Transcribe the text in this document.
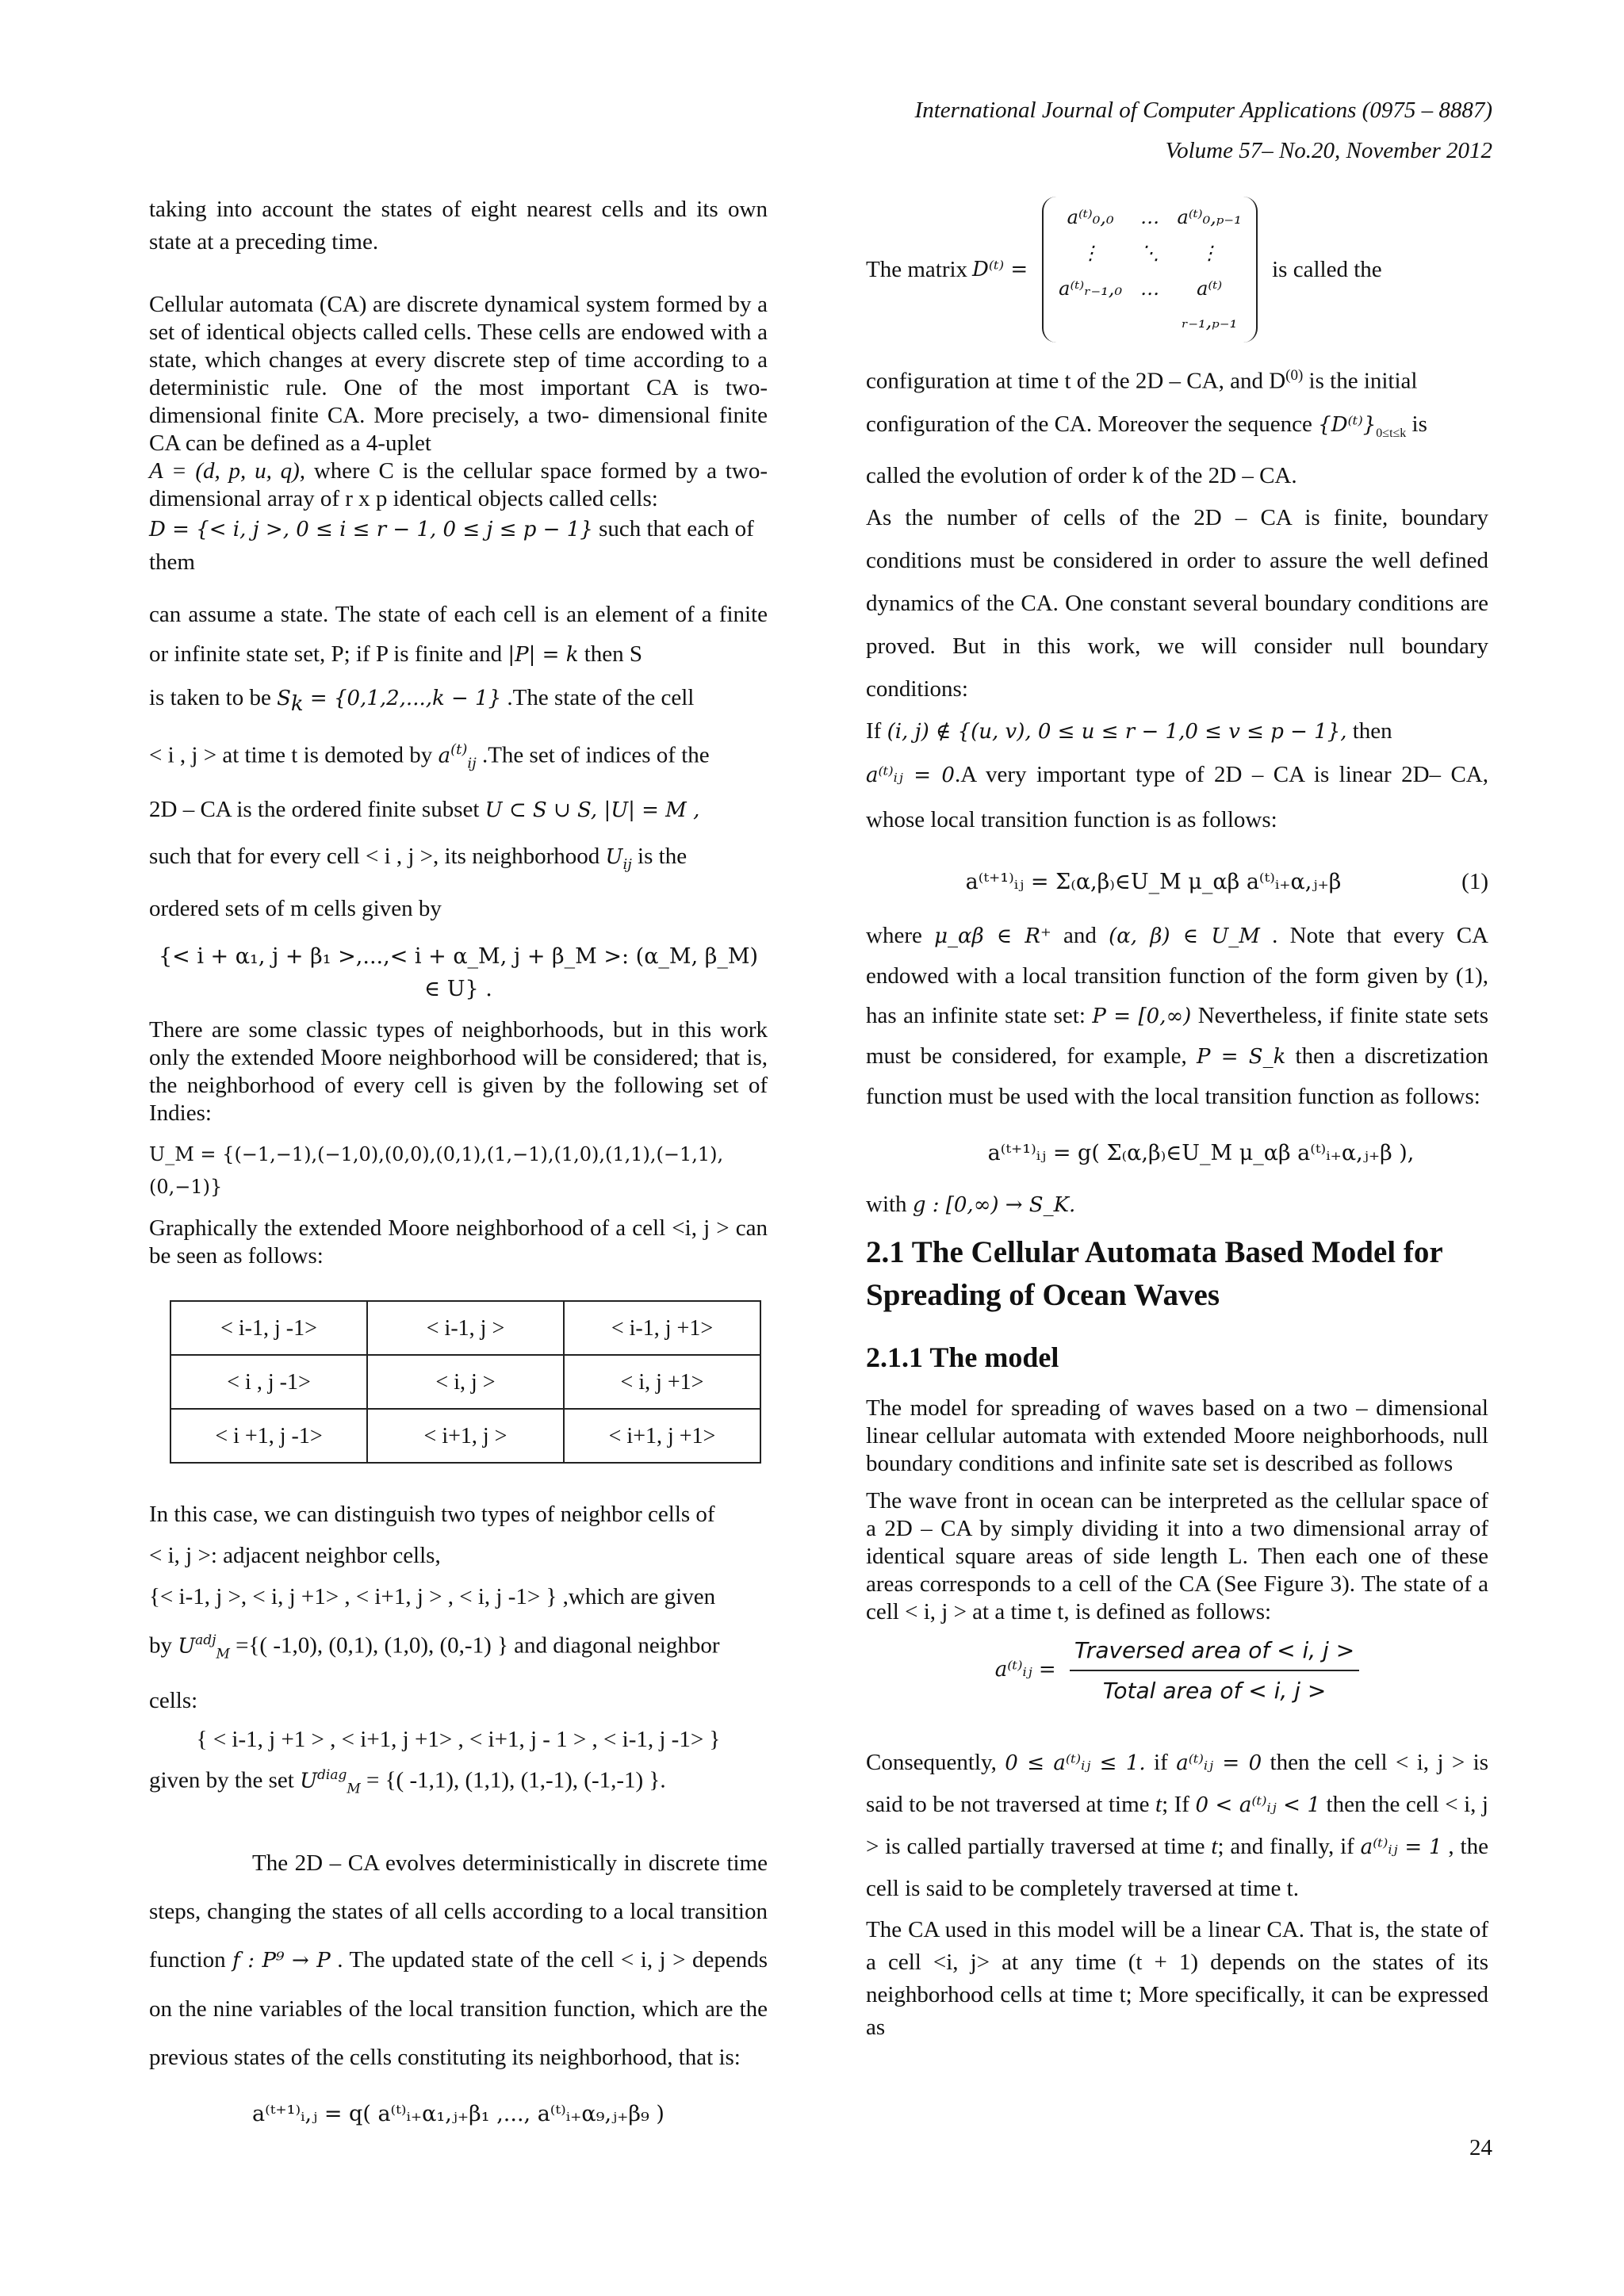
International Journal of Computer Applications (0975 – 8887)
Volume 57– No.20, November 2012
taking into account the states of eight nearest cells and its own state at a preceding time.
Cellular automata (CA) are discrete dynamical system formed by a set of identical objects called cells. These cells are endowed with a state, which changes at every discrete step of time according to a deterministic rule. One of the most important CA is two-dimensional finite CA. More precisely, a two- dimensional finite CA can be defined as a 4-uplet
A = (d, p, u, q), where C is the cellular space formed by a two- dimensional array of r x p identical objects called cells:
D = {< i, j >, 0 ≤ i ≤ r − 1, 0 ≤ j ≤ p − 1} such that each of them
can assume a state. The state of each cell is an element of a finite or infinite state set, P; if P is finite and |P| = k then S
is taken to be $S_k = \{0,1,2,...,k - 1\}$ .The state of the cell
< i , j > at time t is demoted by $a^{(t)}_{ij}$ .The set of indices of the
2D – CA is the ordered finite subset U ⊂ S ∪ S, |U| = M ,
such that for every cell < i , j >, its neighborhood $U_{ij}$ is the
ordered sets of m cells given by
{< i + α₁, j + β₁ >,...,< i + α_M, j + β_M >: (α_M, β_M) ∈ U} .
There are some classic types of neighborhoods, but in this work only the extended Moore neighborhood will be considered; that is, the neighborhood of every cell is given by the following set of Indies:
U_M = {(−1,−1),(−1,0),(0,0),(0,1),(1,−1),(1,0),(1,1),(−1,1),(0,−1)}
Graphically the extended Moore neighborhood of a cell <i, j > can be seen as follows:
< i-1, j -1>	< i-1, j >	< i-1, j +1>
< i , j -1>	< i, j >	< i, j +1>
< i +1, j -1>	< i+1, j >	< i+1, j +1>
In this case, we can distinguish two types of neighbor cells of
< i, j >: adjacent neighbor cells,
{< i-1, j >, < i, j +1> , < i+1, j > , < i, j -1> } ,which are given
by $U^{adj}_M$ ={( -1,0), (0,1), (1,0), (0,-1) } and diagonal neighbor
cells:
{ < i-1, j +1 > , < i+1, j +1> , < i+1, j - 1 > , < i-1, j -1> }
given by the set $U^{diag}_M$ = {( -1,1), (1,1), (1,-1), (-1,-1) }.
The 2D – CA evolves deterministically in discrete time steps, changing the states of all cells according to a local transition function f : P⁹ → P . The updated state of the cell < i, j > depends on the nine variables of the local transition function, which are the previous states of the cells constituting its neighborhood, that is:
a⁽ᵗ⁺¹⁾ᵢ,ⱼ = q( a⁽ᵗ⁾ᵢ₊α₁,ⱼ₊β₁ ,..., a⁽ᵗ⁾ᵢ₊α₉,ⱼ₊β₉ )
The matrix D⁽ᵗ⁾ =
a⁽ᵗ⁾₀,₀	… a⁽ᵗ⁾₀,ₚ₋₁
⋮	⋱	⋮
a⁽ᵗ⁾ᵣ₋₁,₀ …	a⁽ᵗ⁾ᵣ₋₁,ₚ₋₁
is called the
configuration at time t of the 2D – CA, and $D^{(0)}$ is the initial
configuration of the CA. Moreover the sequence $\{D^(ᵗ^)\}_{0\le t\le k}$ is
called the evolution of order k of the 2D – CA.
As the number of cells of the 2D – CA is finite, boundary conditions must be considered in order to assure the well defined dynamics of the CA. One constant several boundary conditions are proved. But in this work, we will consider null boundary conditions:
If (i, j) ∉ {(u, v), 0 ≤ u ≤ r − 1,0 ≤ v ≤ p − 1}, then
a⁽ᵗ⁾ᵢⱼ = 0.A very important type of 2D – CA is linear 2D– CA, whose local transition function is as follows:
a⁽ᵗ⁺¹⁾ᵢⱼ = Σ₍α,β₎∈U_M μ_αβ a⁽ᵗ⁾ᵢ₊α,ⱼ₊β	(1)
where μ_αβ ∈ R⁺ and (α, β) ∈ U_M . Note that every CA endowed with a local transition function of the form given by (1), has an infinite state set: P = [0,∞) Nevertheless, if finite state sets must be considered, for example, P = S_k then a discretization function must be used with the local transition function as follows:
a⁽ᵗ⁺¹⁾ᵢⱼ = g( Σ₍α,β₎∈U_M μ_αβ a⁽ᵗ⁾ᵢ₊α,ⱼ₊β ),
with g : [0,∞) → S_K.
2.1 The Cellular Automata Based Model for Spreading of Ocean Waves
2.1.1 The model
The model for spreading of waves based on a two – dimensional linear cellular automata with extended Moore neighborhoods, null boundary conditions and infinite sate set is described as follows
The wave front in ocean can be interpreted as the cellular space of a 2D – CA by simply dividing it into a two dimensional array of identical square areas of side length L. Then each one of these areas corresponds to a cell of the CA (See Figure 3). The state of a cell < i, j > at a time t, is defined as follows:
a⁽ᵗ⁾ᵢⱼ = $\frac{\text{Traversed area of < i, j >}}{\text{Total area of < i, j >}}$
Consequently, 0 ≤ a⁽ᵗ⁾ᵢⱼ ≤ 1. if a⁽ᵗ⁾ᵢⱼ = 0 then the cell < i, j > is said to be not traversed at time t; If 0 < a⁽ᵗ⁾ᵢⱼ < 1 then the cell < i, j > is called partially traversed at time t; and finally, if a⁽ᵗ⁾ᵢⱼ = 1 , the cell is said to be completely traversed at time t.
The CA used in this model will be a linear CA. That is, the state of a cell <i, j> at any time (t + 1) depends on the states of its neighborhood cells at time t; More specifically, it can be expressed as
24
